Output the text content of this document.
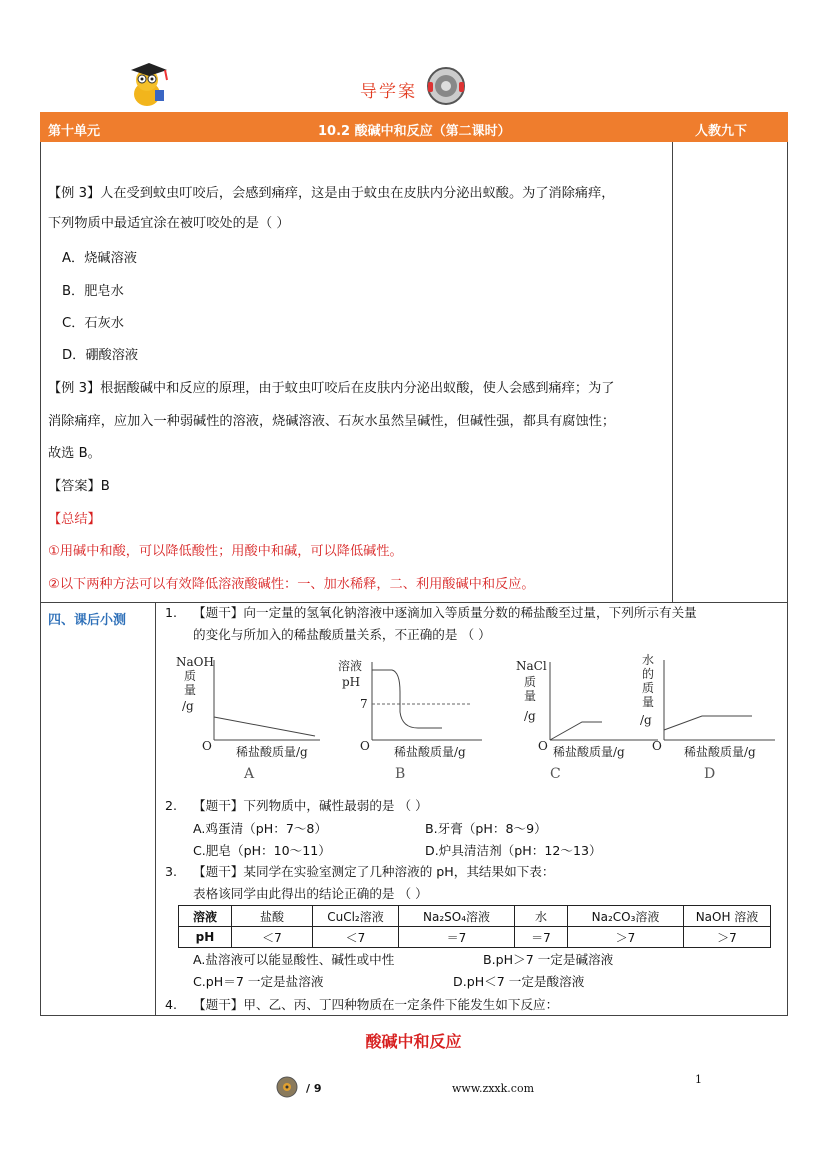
导学案
第十单元	10.2 酸碱中和反应（第二课时）	人教九下
【例 3】人在受到蚊虫叮咬后，会感到痛痒，这是由于蚊虫在皮肤内分泌出蚁酸。为了消除痛痒，
下列物质中最适宜涂在被叮咬处的是（ ）
A．烧碱溶液
B．肥皂水
C．石灰水
D．硼酸溶液
【例 3】根据酸碱中和反应的原理，由于蚊虫叮咬后在皮肤内分泌出蚁酸，使人会感到痛痒；为了
消除痛痒，应加入一种弱碱性的溶液，烧碱溶液、石灰水虽然呈碱性，但碱性强，都具有腐蚀性；
故选 B。
【答案】B
【总结】
①用碱中和酸，可以降低酸性；用酸中和碱，可以降低碱性。
②以下两种方法可以有效降低溶液酸碱性：一、加水稀释，二、利用酸碱中和反应。
四、课后小测
1. 【题干】向一定量的氢氧化钠溶液中逐滴加入等质量分数的稀盐酸至过量，下列所示有关量
的变化与所加入的稀盐酸质量关系，不正确的是 （ ）
NaOH
质
量
/g
O 稀盐酸质量/g
A
溶液
pH
7
O 稀盐酸质量/g
B
NaCl
质
量
/g
O 稀盐酸质量/g
C
水
的
质
量
/g
O 稀盐酸质量/g
D
2. 【题干】下列物质中，碱性最弱的是 （ ）
A.鸡蛋清（pH：7～8）	B.牙膏（pH：8～9）
C.肥皂（pH：10～11）	D.炉具清洁剂（pH：12～13）
3. 【题干】某同学在实验室测定了几种溶液的 pH，其结果如下表：
表格该同学由此得出的结论正确的是 （ ）
溶液	盐酸	CuCl₂溶液	Na₂SO₄溶液	水	Na₂CO₃溶液	NaOH 溶液
pH	＜7	＜7	＝7	＝7	＞7	＞7
A.盐溶液可以能显酸性、碱性或中性	B.pH＞7 一定是碱溶液
C.pH＝7 一定是盐溶液	D.pH＜7 一定是酸溶液
4. 【题干】甲、乙、丙、丁四种物质在一定条件下能发生如下反应：
酸碱中和反应
/ 9	www.zxxk.com
1
